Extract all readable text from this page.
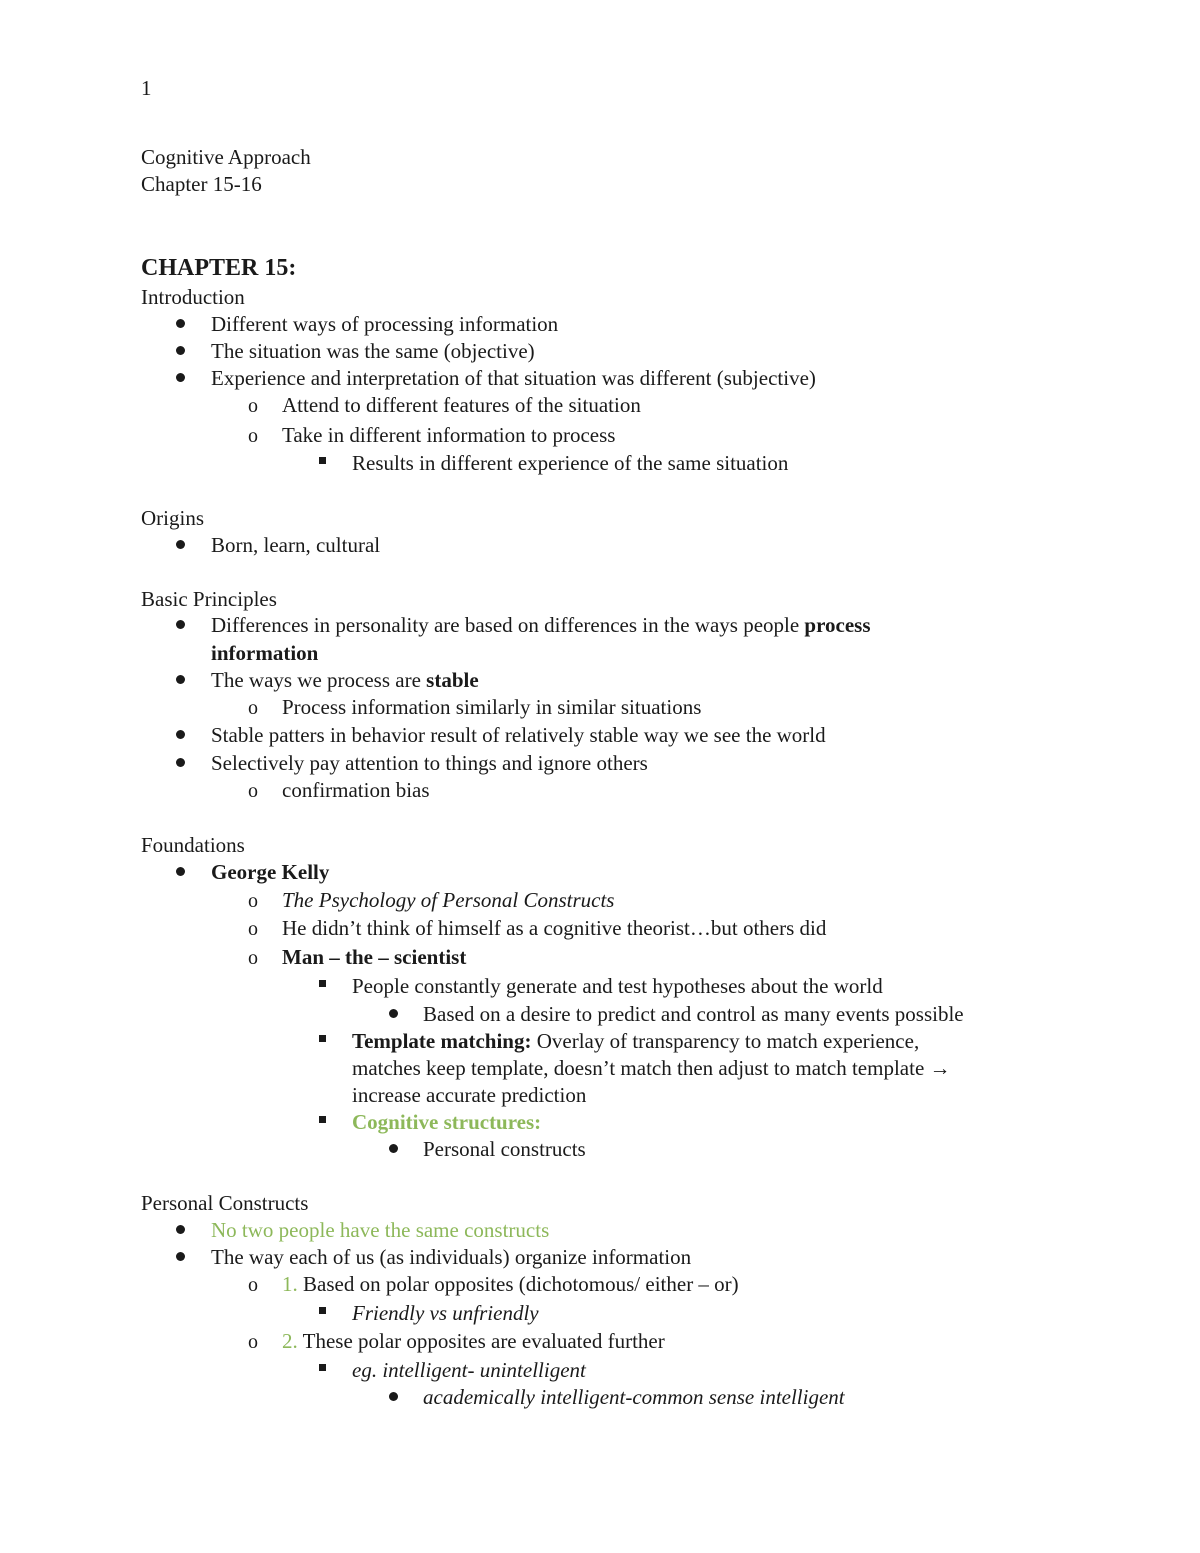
1
Cognitive Approach
Chapter 15-16
CHAPTER 15:
Introduction
Different ways of processing information
The situation was the same (objective)
Experience and interpretation of that situation was different (subjective)
o Attend to different features of the situation
o Take in different information to process
Results in different experience of the same situation
Origins
Born, learn, cultural
Basic Principles
Differences in personality are based on differences in the ways people process
information
The ways we process are stable
o Process information similarly in similar situations
Stable patters in behavior result of relatively stable way we see the world
Selectively pay attention to things and ignore others
o confirmation bias
Foundations
George Kelly
o The Psychology of Personal Constructs
o He didn’t think of himself as a cognitive theorist…but others did
o Man – the – scientist
People constantly generate and test hypotheses about the world
Based on a desire to predict and control as many events possible
Template matching: Overlay of transparency to match experience,
matches keep template, doesn’t match then adjust to match template →
increase accurate prediction
Cognitive structures:
Personal constructs
Personal Constructs
No two people have the same constructs
The way each of us (as individuals) organize information
o 1. Based on polar opposites (dichotomous/ either – or)
Friendly vs unfriendly
o 2. These polar opposites are evaluated further
eg. intelligent- unintelligent
academically intelligent-common sense intelligent
